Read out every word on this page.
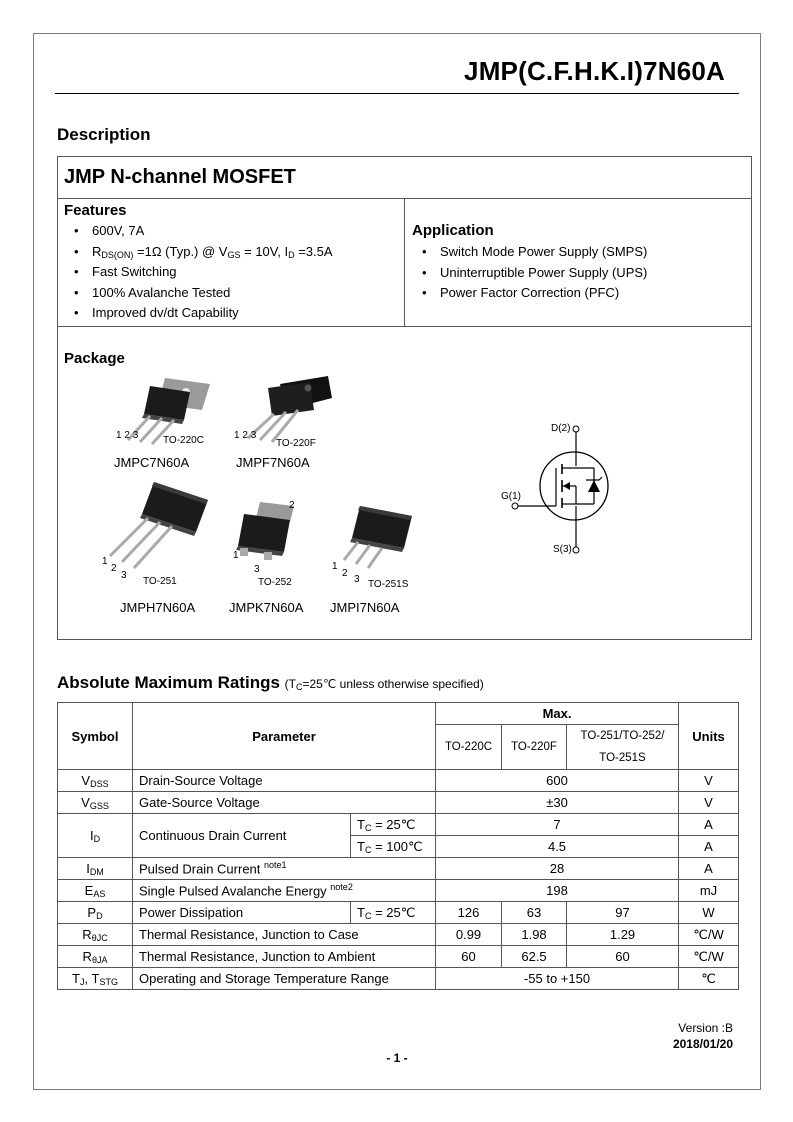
JMP(C.F.H.K.I)7N60A
Description
JMP N-channel MOSFET
Features
• 600V, 7A
• $R_{DS(ON)} =1\Omega$ (Typ.) @ $V_{GS} = 10V$, $I_D =3.5A$
• Fast Switching
• 100% Avalanche Tested
• Improved dv/dt Capability
Application
• Switch Mode Power Supply (SMPS)
• Uninterruptible Power Supply (UPS)
• Power Factor Correction (PFC)
Package
1 2 3 TO-220C
JMPC7N60A
1 2 3
TO-220F
JMPF7N60A
1
2
3
TO-251
JMPH7N60A
2
1
3
TO-252
JMPK7N60A
1
2
3 TO-251S
JMPI7N60A
D(2)
G(1)
S(3)
Absolute Maximum Ratings ($T_C=25℃$ unless otherwise specified)
Symbol	Parameter		Max.			Units
			TO-220C	TO-220F	TO-251/TO-252/
TO-251S	
$V_{DSS}$	Drain-Source Voltage		600			V
$V_{GSS}$	Gate-Source Voltage		±30			V
$I_D$	Continuous Drain Current	$T_C$ = 25℃	7			A
		$T_C$ = 100℃	4.5			A
$I_{DM}$	Pulsed Drain Current $^{note1}$		28			A
$E_{AS}$	Single Pulsed Avalanche Energy $^{note2}$		198			mJ
$P_D$	Power Dissipation	$T_C$ = 25℃	126	63	97	W
$R_{\theta JC}$	Thermal Resistance, Junction to Case		0.99	1.98	1.29	℃/W
$R_{\theta JA}$	Thermal Resistance, Junction to Ambient		60	62.5	60	℃/W
$T_J$, $T_{STG}$	Operating and Storage Temperature Range		-55 to +150			℃
Version :B
2018/01/20
- 1 -
